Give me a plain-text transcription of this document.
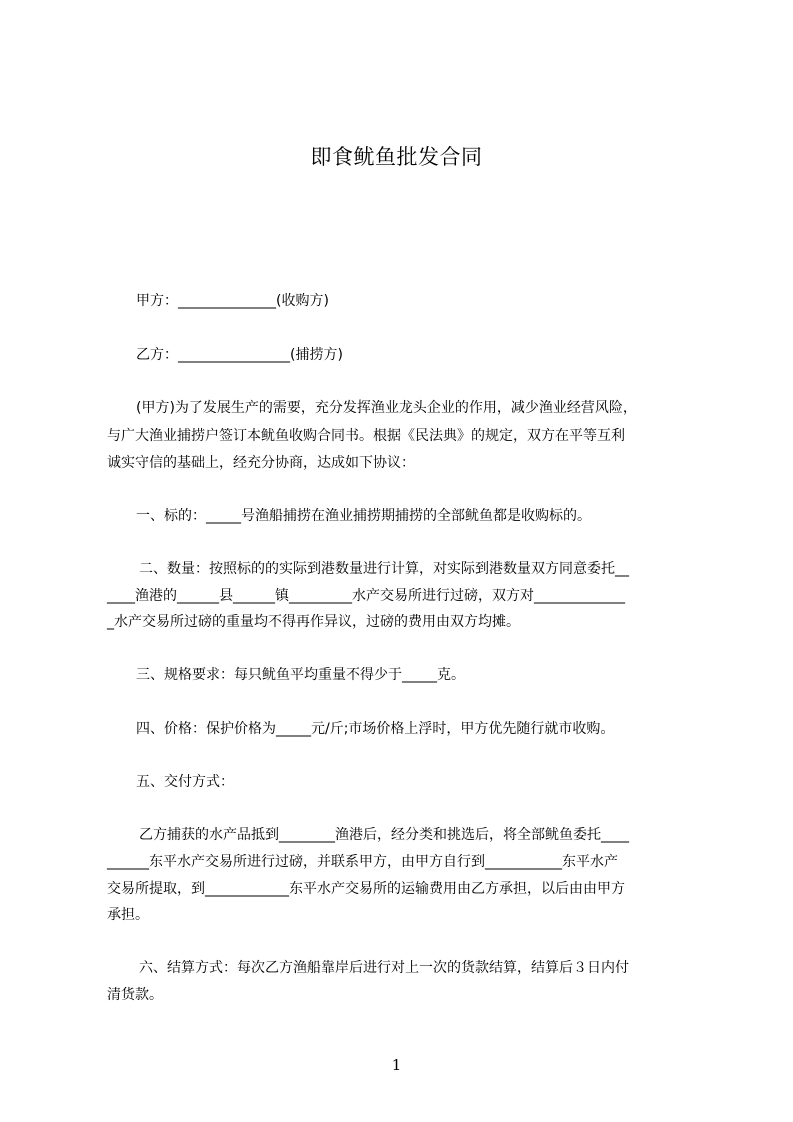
即食鱿鱼批发合同
甲方：______________(收购方)
乙方：________________(捕捞方)
(甲方)为了发展生产的需要，充分发挥渔业龙头企业的作用，减少渔业经营风险，
与广大渔业捕捞户签订本鱿鱼收购合同书。根据《民法典》的规定，双方在平等互利
诚实守信的基础上，经充分协商，达成如下协议：
一、标的：_____号渔船捕捞在渔业捕捞期捕捞的全部鱿鱼都是收购标的。
二、数量：按照标的的实际到港数量进行计算，对实际到港数量双方同意委托__
____渔港的______县______镇_________水产交易所进行过磅，双方对_____________
_水产交易所过磅的重量均不得再作异议，过磅的费用由双方均摊。
三、规格要求：每只鱿鱼平均重量不得少于_____克。
四、价格：保护价格为_____元/斤;市场价格上浮时，甲方优先随行就市收购。
五、交付方式：
乙方捕获的水产品抵到________渔港后，经分类和挑选后，将全部鱿鱼委托____
______东平水产交易所进行过磅，并联系甲方，由甲方自行到___________东平水产
交易所提取，到____________东平水产交易所的运输费用由乙方承担，以后由由甲方
承担。
六、结算方式：每次乙方渔船靠岸后进行对上一次的货款结算，结算后３日内付
清货款。
1
